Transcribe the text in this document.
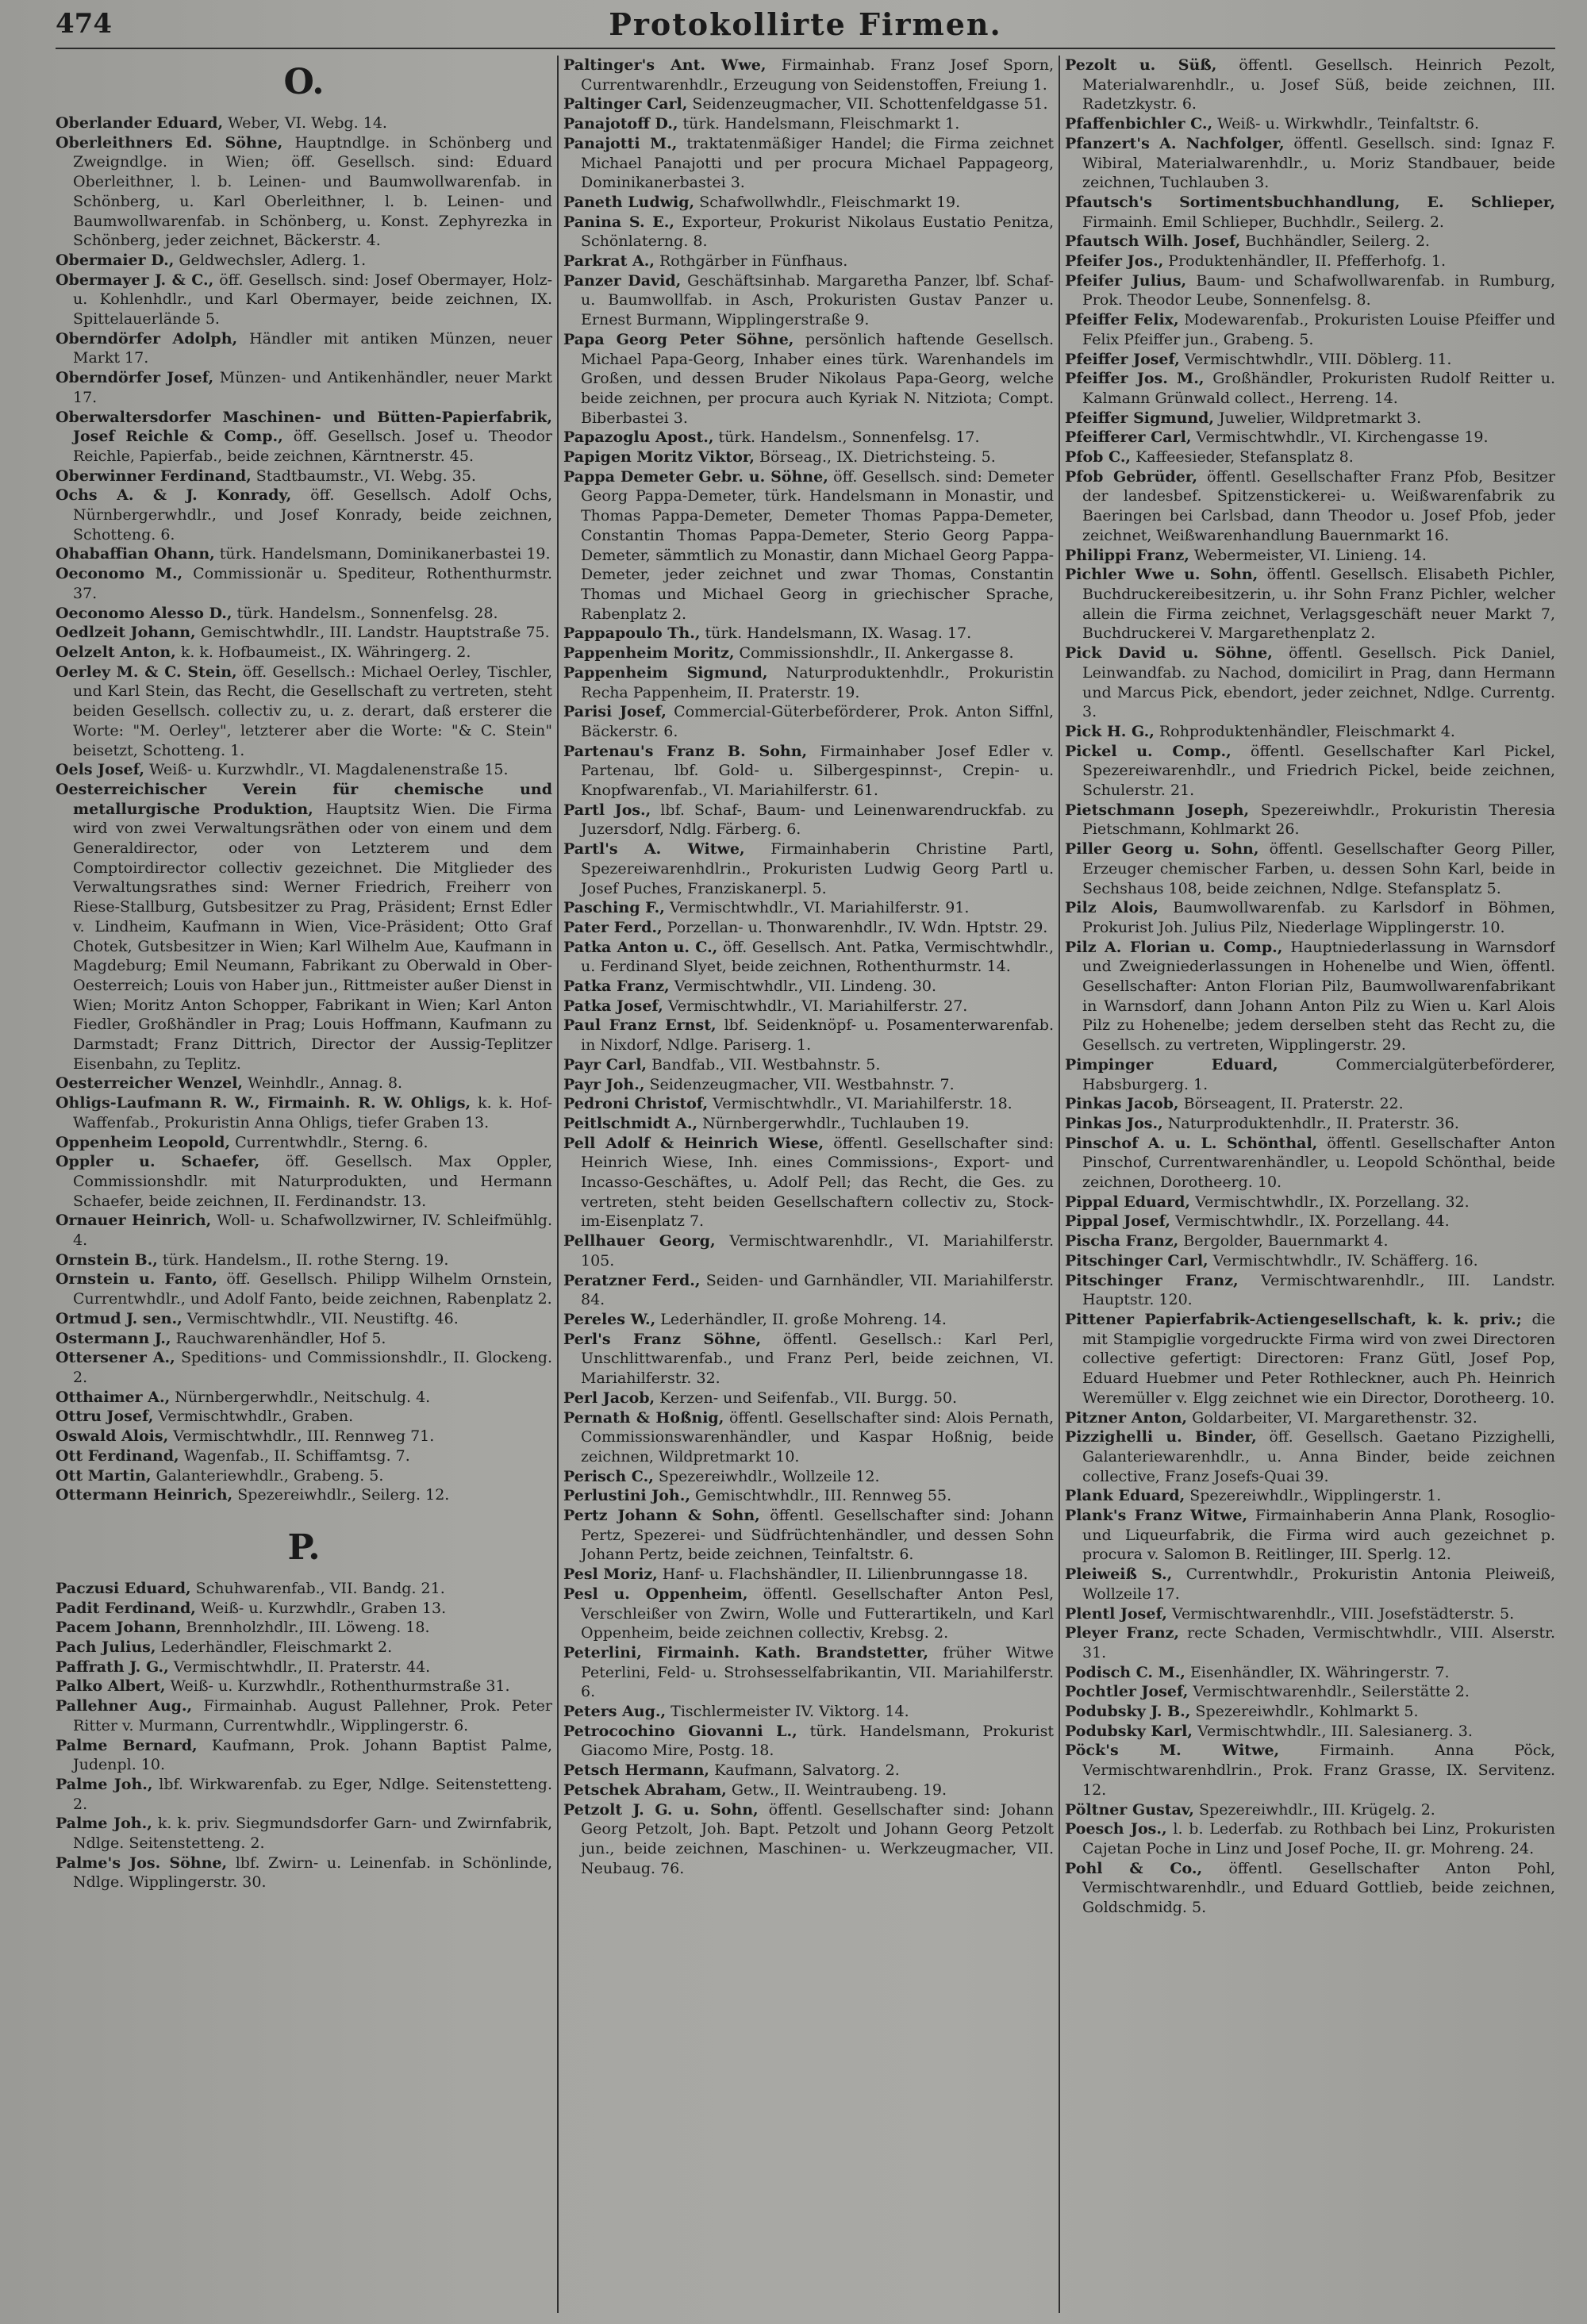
474	Protokollirte Firmen.
O.

Oberlander Eduard, Weber, VI. Webg. 14.

Oberleithners Ed. Söhne, Hauptndlge. in Schönberg und Zweigndlge. in Wien; öff. Gesellsch. sind: Eduard Oberleithner, l. b. Leinen- und Baumwollwarenfab. in Schönberg, u. Karl Oberleithner, l. b. Leinen- und Baumwollwarenfab. in Schönberg, u. Konst. Zephyrezka in Schönberg, jeder zeichnet, Bäckerstr. 4.

Obermaier D., Geldwechsler, Adlerg. 1.

Obermayer J. & C., öff. Gesellsch. sind: Josef Obermayer, Holz- u. Kohlenhdlr., und Karl Obermayer, beide zeichnen, IX. Spittelauerlände 5.

Oberndörfer Adolph, Händler mit antiken Münzen, neuer Markt 17.

Oberndörfer Josef, Münzen- und Antikenhändler, neuer Markt 17.

Oberwaltersdorfer Maschinen- und Bütten-Papierfabrik, Josef Reichle & Comp., öff. Gesellsch. Josef u. Theodor Reichle, Papierfab., beide zeichnen, Kärntnerstr. 45.

Oberwinner Ferdinand, Stadtbaumstr., VI. Webg. 35.

Ochs A. & J. Konrady, öff. Gesellsch. Adolf Ochs, Nürnbergerwhdlr., und Josef Konrady, beide zeichnen, Schotteng. 6.

Ohabaffian Ohann, türk. Handelsmann, Dominikanerbastei 19.

Oeconomo M., Commissionär u. Spediteur, Rothenthurmstr. 37.

Oeconomo Alesso D., türk. Handelsm., Sonnenfelsg. 28.

Oedlzeit Johann, Gemischtwhdlr., III. Landstr. Hauptstraße 75.

Oelzelt Anton, k. k. Hofbaumeist., IX. Währingerg. 2.

Oerley M. & C. Stein, öff. Gesellsch.: Michael Oerley, Tischler, und Karl Stein, das Recht, die Gesellschaft zu vertreten, steht beiden Gesellsch. collectiv zu, u. z. derart, daß ersterer die Worte: "M. Oerley", letzterer aber die Worte: "& C. Stein" beisetzt, Schotteng. 1.

Oels Josef, Weiß- u. Kurzwhdlr., VI. Magdalenenstraße 15.

Oesterreichischer Verein für chemische und metallurgische Produktion, Hauptsitz Wien. Die Firma wird von zwei Verwaltungsräthen oder von einem und dem Generaldirector, oder von Letzterem und dem Comptoirdirector collectiv gezeichnet. Die Mitglieder des Verwaltungsrathes sind: Werner Friedrich, Freiherr von Riese-Stallburg, Gutsbesitzer zu Prag, Präsident; Ernst Edler v. Lindheim, Kaufmann in Wien, Vice-Präsident; Otto Graf Chotek, Gutsbesitzer in Wien; Karl Wilhelm Aue, Kaufmann in Magdeburg; Emil Neumann, Fabrikant zu Oberwald in Ober-Oesterreich; Louis von Haber jun., Rittmeister außer Dienst in Wien; Moritz Anton Schopper, Fabrikant in Wien; Karl Anton Fiedler, Großhändler in Prag; Louis Hoffmann, Kaufmann zu Darmstadt; Franz Dittrich, Director der Aussig-Teplitzer Eisenbahn, zu Teplitz.

Oesterreicher Wenzel, Weinhdlr., Annag. 8.

Ohligs-Laufmann R. W., Firmainh. R. W. Ohligs, k. k. Hof-Waffenfab., Prokuristin Anna Ohligs, tiefer Graben 13.

Oppenheim Leopold, Currentwhdlr., Sterng. 6.

Oppler u. Schaefer, öff. Gesellsch. Max Oppler, Commissionshdlr. mit Naturprodukten, und Hermann Schaefer, beide zeichnen, II. Ferdinandstr. 13.

Ornauer Heinrich, Woll- u. Schafwollzwirner, IV. Schleifmühlg. 4.

Ornstein B., türk. Handelsm., II. rothe Sterng. 19.

Ornstein u. Fanto, öff. Gesellsch. Philipp Wilhelm Ornstein, Currentwhdlr., und Adolf Fanto, beide zeichnen, Rabenplatz 2.

Ortmud J. sen., Vermischtwhdlr., VII. Neustiftg. 46.

Ostermann J., Rauchwarenhändler, Hof 5.

Ottersener A., Speditions- und Commissionshdlr., II. Glockeng. 2.

Otthaimer A., Nürnbergerwhdlr., Neitschulg. 4.

Ottru Josef, Vermischtwhdlr., Graben.

Oswald Alois, Vermischtwhdlr., III. Rennweg 71.

Ott Ferdinand, Wagenfab., II. Schiffamtsg. 7.

Ott Martin, Galanteriewhdlr., Grabeng. 5.

Ottermann Heinrich, Spezereiwhdlr., Seilerg. 12.

P.

Paczusi Eduard, Schuhwarenfab., VII. Bandg. 21.

Padit Ferdinand, Weiß- u. Kurzwhdlr., Graben 13.

Pacem Johann, Brennholzhdlr., III. Löweng. 18.

Pach Julius, Lederhändler, Fleischmarkt 2.

Paffrath J. G., Vermischtwhdlr., II. Praterstr. 44.

Palko Albert, Weiß- u. Kurzwhdlr., Rothenthurmstraße 31.

Pallehner Aug., Firmainhab. August Pallehner, Prok. Peter Ritter v. Murmann, Currentwhdlr., Wipplingerstr. 6.

Palme Bernard, Kaufmann, Prok. Johann Baptist Palme, Judenpl. 10.

Palme Joh., lbf. Wirkwarenfab. zu Eger, Ndlge. Seitenstetteng. 2.

Palme Joh., k. k. priv. Siegmundsdorfer Garn- und Zwirnfabrik, Ndlge. Seitenstetteng. 2.

Palme's Jos. Söhne, lbf. Zwirn- u. Leinenfab. in Schönlinde, Ndlge. Wipplingerstr. 30.

Paltinger's Ant. Wwe, Firmainhab. Franz Josef Sporn, Currentwarenhdlr., Erzeugung von Seidenstoffen, Freiung 1.

Paltinger Carl, Seidenzeugmacher, VII. Schottenfeldgasse 51.

Panajotoff D., türk. Handelsmann, Fleischmarkt 1.

Panajotti M., traktatenmäßiger Handel; die Firma zeichnet Michael Panajotti und per procura Michael Pappageorg, Dominikanerbastei 3.

Paneth Ludwig, Schafwollwhdlr., Fleischmarkt 19.

Panina S. E., Exporteur, Prokurist Nikolaus Eustatio Penitza, Schönlaterng. 8.

Parkrat A., Rothgärber in Fünfhaus.

Panzer David, Geschäftsinhab. Margaretha Panzer, lbf. Schaf- u. Baumwollfab. in Asch, Prokuristen Gustav Panzer u. Ernest Burmann, Wipplingerstraße 9.

Papa Georg Peter Söhne, persönlich haftende Gesellsch. Michael Papa-Georg, Inhaber eines türk. Warenhandels im Großen, und dessen Bruder Nikolaus Papa-Georg, welche beide zeichnen, per procura auch Kyriak N. Nitziota; Compt. Biberbastei 3.

Papazoglu Apost., türk. Handelsm., Sonnenfelsg. 17.

Papigen Moritz Viktor, Börseag., IX. Dietrichsteing. 5.

Pappa Demeter Gebr. u. Söhne, öff. Gesellsch. sind: Demeter Georg Pappa-Demeter, türk. Handelsmann in Monastir, und Thomas Pappa-Demeter, Demeter Thomas Pappa-Demeter, Constantin Thomas Pappa-Demeter, Sterio Georg Pappa-Demeter, sämmtlich zu Monastir, dann Michael Georg Pappa-Demeter, jeder zeichnet und zwar Thomas, Constantin Thomas und Michael Georg in griechischer Sprache, Rabenplatz 2.

Pappapoulo Th., türk. Handelsmann, IX. Wasag. 17.

Pappenheim Moritz, Commissionshdlr., II. Ankergasse 8.

Pappenheim Sigmund, Naturproduktenhdlr., Prokuristin Recha Pappenheim, II. Praterstr. 19.

Parisi Josef, Commercial-Güterbeförderer, Prok. Anton Siffnl, Bäckerstr. 6.

Partenau's Franz B. Sohn, Firmainhaber Josef Edler v. Partenau, lbf. Gold- u. Silbergespinnst-, Crepin- u. Knopfwarenfab., VI. Mariahilferstr. 61.

Partl Jos., lbf. Schaf-, Baum- und Leinenwarendruckfab. zu Juzersdorf, Ndlg. Färberg. 6.

Partl's A. Witwe, Firmainhaberin Christine Partl, Spezereiwarenhdlrin., Prokuristen Ludwig Georg Partl u. Josef Puches, Franziskanerpl. 5.

Pasching F., Vermischtwhdlr., VI. Mariahilferstr. 91.

Pater Ferd., Porzellan- u. Thonwarenhdlr., IV. Wdn. Hptstr. 29.

Patka Anton u. C., öff. Gesellsch. Ant. Patka, Vermischtwhdlr., u. Ferdinand Slyet, beide zeichnen, Rothenthurmstr. 14.

Patka Franz, Vermischtwhdlr., VII. Lindeng. 30.

Patka Josef, Vermischtwhdlr., VI. Mariahilferstr. 27.

Paul Franz Ernst, lbf. Seidenknöpf- u. Posamenterwarenfab. in Nixdorf, Ndlge. Pariserg. 1.

Payr Carl, Bandfab., VII. Westbahnstr. 5.

Payr Joh., Seidenzeugmacher, VII. Westbahnstr. 7.

Pedroni Christof, Vermischtwhdlr., VI. Mariahilferstr. 18.

Peitlschmidt A., Nürnbergerwhdlr., Tuchlauben 19.

Pell Adolf & Heinrich Wiese, öffentl. Gesellschafter sind: Heinrich Wiese, Inh. eines Commissions-, Export- und Incasso-Geschäftes, u. Adolf Pell; das Recht, die Ges. zu vertreten, steht beiden Gesellschaftern collectiv zu, Stock-im-Eisenplatz 7.

Pellhauer Georg, Vermischtwarenhdlr., VI. Mariahilferstr. 105.

Peratzner Ferd., Seiden- und Garnhändler, VII. Mariahilferstr. 84.

Pereles W., Lederhändler, II. große Mohreng. 14.

Perl's Franz Söhne, öffentl. Gesellsch.: Karl Perl, Unschlittwarenfab., und Franz Perl, beide zeichnen, VI. Mariahilferstr. 32.

Perl Jacob, Kerzen- und Seifenfab., VII. Burgg. 50.

Pernath & Hoßnig, öffentl. Gesellschafter sind: Alois Pernath, Commissionswarenhändler, und Kaspar Hoßnig, beide zeichnen, Wildpretmarkt 10.

Perisch C., Spezereiwhdlr., Wollzeile 12.

Perlustini Joh., Gemischtwhdlr., III. Rennweg 55.

Pertz Johann & Sohn, öffentl. Gesellschafter sind: Johann Pertz, Spezerei- und Südfrüchtenhändler, und dessen Sohn Johann Pertz, beide zeichnen, Teinfaltstr. 6.

Pesl Moriz, Hanf- u. Flachshändler, II. Lilienbrunngasse 18.

Pesl u. Oppenheim, öffentl. Gesellschafter Anton Pesl, Verschleißer von Zwirn, Wolle und Futterartikeln, und Karl Oppenheim, beide zeichnen collectiv, Krebsg. 2.

Peterlini, Firmainh. Kath. Brandstetter, früher Witwe Peterlini, Feld- u. Strohsesselfabrikantin, VII. Mariahilferstr. 6.

Peters Aug., Tischlermeister IV. Viktorg. 14.

Petrocochino Giovanni L., türk. Handelsmann, Prokurist Giacomo Mire, Postg. 18.

Petsch Hermann, Kaufmann, Salvatorg. 2.

Petschek Abraham, Getw., II. Weintraubeng. 19.

Petzolt J. G. u. Sohn, öffentl. Gesellschafter sind: Johann Georg Petzolt, Joh. Bapt. Petzolt und Johann Georg Petzolt jun., beide zeichnen, Maschinen- u. Werkzeugmacher, VII. Neubaug. 76.

Pezolt u. Süß, öffentl. Gesellsch. Heinrich Pezolt, Materialwarenhdlr., u. Josef Süß, beide zeichnen, III. Radetzkystr. 6.

Pfaffenbichler C., Weiß- u. Wirkwhdlr., Teinfaltstr. 6.

Pfanzert's A. Nachfolger, öffentl. Gesellsch. sind: Ignaz F. Wibiral, Materialwarenhdlr., u. Moriz Standbauer, beide zeichnen, Tuchlauben 3.

Pfautsch's Sortimentsbuchhandlung, E. Schlieper, Firmainh. Emil Schlieper, Buchhdlr., Seilerg. 2.

Pfautsch Wilh. Josef, Buchhändler, Seilerg. 2.

Pfeifer Jos., Produktenhändler, II. Pfefferhofg. 1.

Pfeifer Julius, Baum- und Schafwollwarenfab. in Rumburg, Prok. Theodor Leube, Sonnenfelsg. 8.

Pfeiffer Felix, Modewarenfab., Prokuristen Louise Pfeiffer und Felix Pfeiffer jun., Grabeng. 5.

Pfeiffer Josef, Vermischtwhdlr., VIII. Döblerg. 11.

Pfeiffer Jos. M., Großhändler, Prokuristen Rudolf Reitter u. Kalmann Grünwald collect., Herreng. 14.

Pfeiffer Sigmund, Juwelier, Wildpretmarkt 3.

Pfeifferer Carl, Vermischtwhdlr., VI. Kirchengasse 19.

Pfob C., Kaffeesieder, Stefansplatz 8.

Pfob Gebrüder, öffentl. Gesellschafter Franz Pfob, Besitzer der landesbef. Spitzenstickerei- u. Weißwarenfabrik zu Baeringen bei Carlsbad, dann Theodor u. Josef Pfob, jeder zeichnet, Weißwarenhandlung Bauernmarkt 16.

Philippi Franz, Webermeister, VI. Linieng. 14.

Pichler Wwe u. Sohn, öffentl. Gesellsch. Elisabeth Pichler, Buchdruckereibesitzerin, u. ihr Sohn Franz Pichler, welcher allein die Firma zeichnet, Verlagsgeschäft neuer Markt 7, Buchdruckerei V. Margarethenplatz 2.

Pick David u. Söhne, öffentl. Gesellsch. Pick Daniel, Leinwandfab. zu Nachod, domicilirt in Prag, dann Hermann und Marcus Pick, ebendort, jeder zeichnet, Ndlge. Currentg. 3.

Pick H. G., Rohproduktenhändler, Fleischmarkt 4.

Pickel u. Comp., öffentl. Gesellschafter Karl Pickel, Spezereiwarenhdlr., und Friedrich Pickel, beide zeichnen, Schulerstr. 21.

Pietschmann Joseph, Spezereiwhdlr., Prokuristin Theresia Pietschmann, Kohlmarkt 26.

Piller Georg u. Sohn, öffentl. Gesellschafter Georg Piller, Erzeuger chemischer Farben, u. dessen Sohn Karl, beide in Sechshaus 108, beide zeichnen, Ndlge. Stefansplatz 5.

Pilz Alois, Baumwollwarenfab. zu Karlsdorf in Böhmen, Prokurist Joh. Julius Pilz, Niederlage Wipplingerstr. 10.

Pilz A. Florian u. Comp., Hauptniederlassung in Warnsdorf und Zweigniederlassungen in Hohenelbe und Wien, öffentl. Gesellschafter: Anton Florian Pilz, Baumwollwarenfabrikant in Warnsdorf, dann Johann Anton Pilz zu Wien u. Karl Alois Pilz zu Hohenelbe; jedem derselben steht das Recht zu, die Gesellsch. zu vertreten, Wipplingerstr. 29.

Pimpinger Eduard, Commercialgüterbeförderer, Habsburgerg. 1.

Pinkas Jacob, Börseagent, II. Praterstr. 22.

Pinkas Jos., Naturproduktenhdlr., II. Praterstr. 36.

Pinschof A. u. L. Schönthal, öffentl. Gesellschafter Anton Pinschof, Currentwarenhändler, u. Leopold Schönthal, beide zeichnen, Dorotheerg. 10.

Pippal Eduard, Vermischtwhdlr., IX. Porzellang. 32.

Pippal Josef, Vermischtwhdlr., IX. Porzellang. 44.

Pischa Franz, Bergolder, Bauernmarkt 4.

Pitschinger Carl, Vermischtwhdlr., IV. Schäfferg. 16.

Pitschinger Franz, Vermischtwarenhdlr., III. Landstr. Hauptstr. 120.

Pittener Papierfabrik-Actiengesellschaft, k. k. priv.; die mit Stampiglie vorgedruckte Firma wird von zwei Directoren collective gefertigt: Directoren: Franz Gütl, Josef Pop, Eduard Huebmer und Peter Rothleckner, auch Ph. Heinrich Weremüller v. Elgg zeichnet wie ein Director, Dorotheerg. 10.

Pitzner Anton, Goldarbeiter, VI. Margarethenstr. 32.

Pizzighelli u. Binder, öff. Gesellsch. Gaetano Pizzighelli, Galanteriewarenhdlr., u. Anna Binder, beide zeichnen collective, Franz Josefs-Quai 39.

Plank Eduard, Spezereiwhdlr., Wipplingerstr. 1.

Plank's Franz Witwe, Firmainhaberin Anna Plank, Rosoglio- und Liqueurfabrik, die Firma wird auch gezeichnet p. procura v. Salomon B. Reitlinger, III. Sperlg. 12.

Pleiweiß S., Currentwhdlr., Prokuristin Antonia Pleiweiß, Wollzeile 17.

Plentl Josef, Vermischtwarenhdlr., VIII. Josefstädterstr. 5.

Pleyer Franz, recte Schaden, Vermischtwhdlr., VIII. Alserstr. 31.

Podisch C. M., Eisenhändler, IX. Währingerstr. 7.

Pochtler Josef, Vermischtwarenhdlr., Seilerstätte 2.

Podubsky J. B., Spezereiwhdlr., Kohlmarkt 5.

Podubsky Karl, Vermischtwhdlr., III. Salesianerg. 3.

Pöck's M. Witwe, Firmainh. Anna Pöck, Vermischtwarenhdlrin., Prok. Franz Grasse, IX. Servitenz. 12.

Pöltner Gustav, Spezereiwhdlr., III. Krügelg. 2.

Poesch Jos., l. b. Lederfab. zu Rothbach bei Linz, Prokuristen Cajetan Poche in Linz und Josef Poche, II. gr. Mohreng. 24.

Pohl & Co., öffentl. Gesellschafter Anton Pohl, Vermischtwarenhdlr., und Eduard Gottlieb, beide zeichnen, Goldschmidg. 5.
